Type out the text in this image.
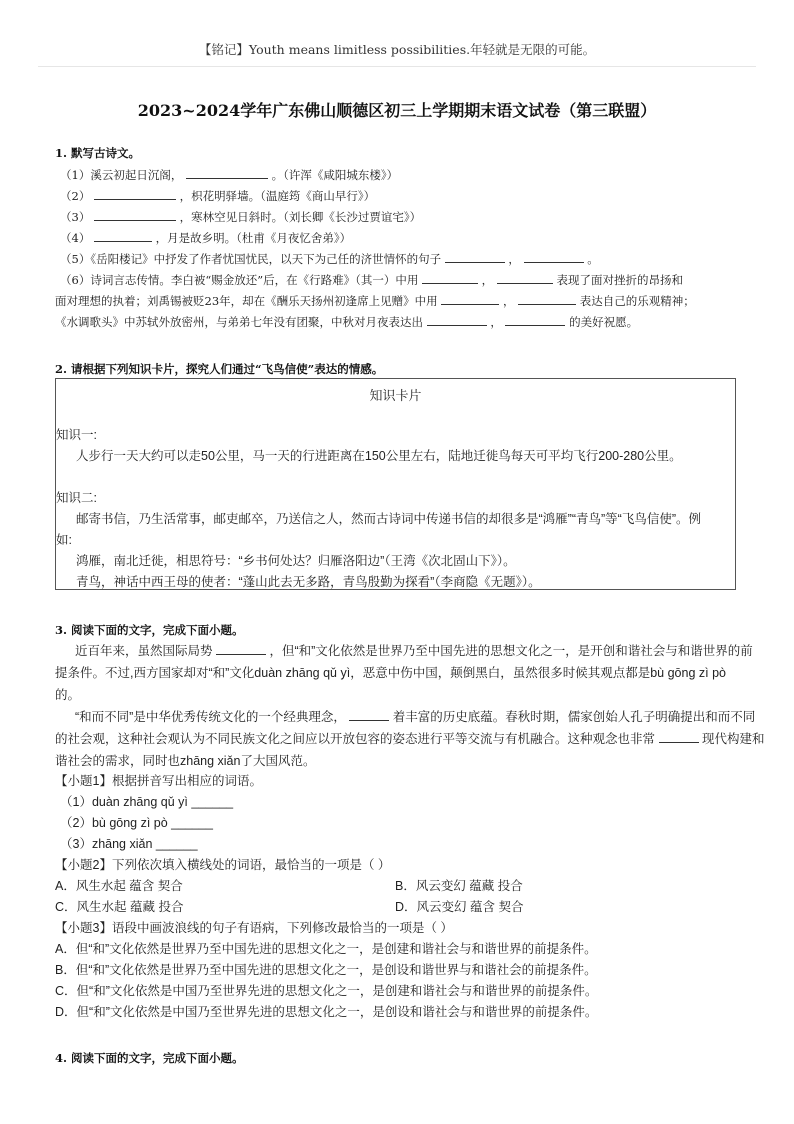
【铭记】Youth means limitless possibilities.年轻就是无限的可能。
2023~2024学年广东佛山顺德区初三上学期期末语文试卷（第三联盟）
1. 默写古诗文。
（1）溪云初起日沉阁，	。（许浑《咸阳城东楼》）
（2）	，枳花明驿墙。（温庭筠《商山早行》）
（3）	，寒林空见日斜时。（刘长卿《长沙过贾谊宅》）
（4）	，月是故乡明。（杜甫《月夜忆舍弟》）
（5）《岳阳楼记》中抒发了作者忧国忧民，以天下为己任的济世情怀的句子	，	。
（6）诗词言志传情。李白被“赐金放还”后，在《行路难》（其一）中用	，	表现了面对挫折的昂扬和
面对理想的执着；刘禹锡被贬23年，却在《酬乐天扬州初逢席上见赠》中用	，	表达自己的乐观精神；
《水调歌头》中苏轼外放密州，与弟弟七年没有团聚，中秋对月夜表达出	，	的美好祝愿。
2. 请根据下列知识卡片，探究人们通过“飞鸟信使”表达的情感。
知识卡片
知识一:
人步行一天大约可以走50公里，马一天的行进距离在150公里左右，陆地迁徙鸟每天可平均飞行200-280公里。
知识二:
邮寄书信，乃生活常事，邮吏邮卒，乃送信之人，然而古诗词中传递书信的却很多是“鸿雁”“青鸟”等“飞鸟信使”。例
如:
鸿雁，南北迁徙，相思符号：“乡书何处达？归雁洛阳边”（王湾《次北固山下》）。
青鸟，神话中西王母的使者：“蓬山此去无多路，青鸟殷勤为探看”（李商隐《无题》）。
3. 阅读下面的文字，完成下面小题。
近百年来，虽然国际局势	，但“和”文化依然是世界乃至中国先进的思想文化之一，是开创和谐社会与和谐世界的前
提条件。不过,西方国家却对“和”文化duàn zhāng qǔ yì，恶意中伤中国，颠倒黑白，虽然很多时候其观点都是bù gōng zì pò
的。
“和而不同”是中华优秀传统文化的一个经典理念，	着丰富的历史底蕴。春秋时期，儒家创始人孔子明确提出和而不同
的社会观，这种社会观认为不同民族文化之间应以开放包容的姿态进行平等交流与有机融合。这种观念也非常	现代构建和
谐社会的需求，同时也zhāng xiǎn了大国风范。
【小题1】根据拼音写出相应的词语。
（1）duàn zhāng qǔ yì ______
（2）bù gōng zì pò ______
（3）zhāng xiǎn ______
【小题2】下列依次填入横线处的词语，最恰当的一项是（ ）
A．风生水起 蕴含 契合	B．风云变幻 蕴藏 投合
C．风生水起 蕴藏 投合	D．风云变幻 蕴含 契合
【小题3】语段中画波浪线的句子有语病，下列修改最恰当的一项是（ ）
A．但“和”文化依然是世界乃至中国先进的思想文化之一，是创建和谐社会与和谐世界的前提条件。
B．但“和”文化依然是世界乃至中国先进的思想文化之一，是创设和谐世界与和谐社会的前提条件。
C．但“和”文化依然是中国乃至世界先进的思想文化之一，是创建和谐社会与和谐世界的前提条件。
D．但“和”文化依然是中国乃至世界先进的思想文化之一，是创设和谐社会与和谐世界的前提条件。
4. 阅读下面的文字，完成下面小题。
